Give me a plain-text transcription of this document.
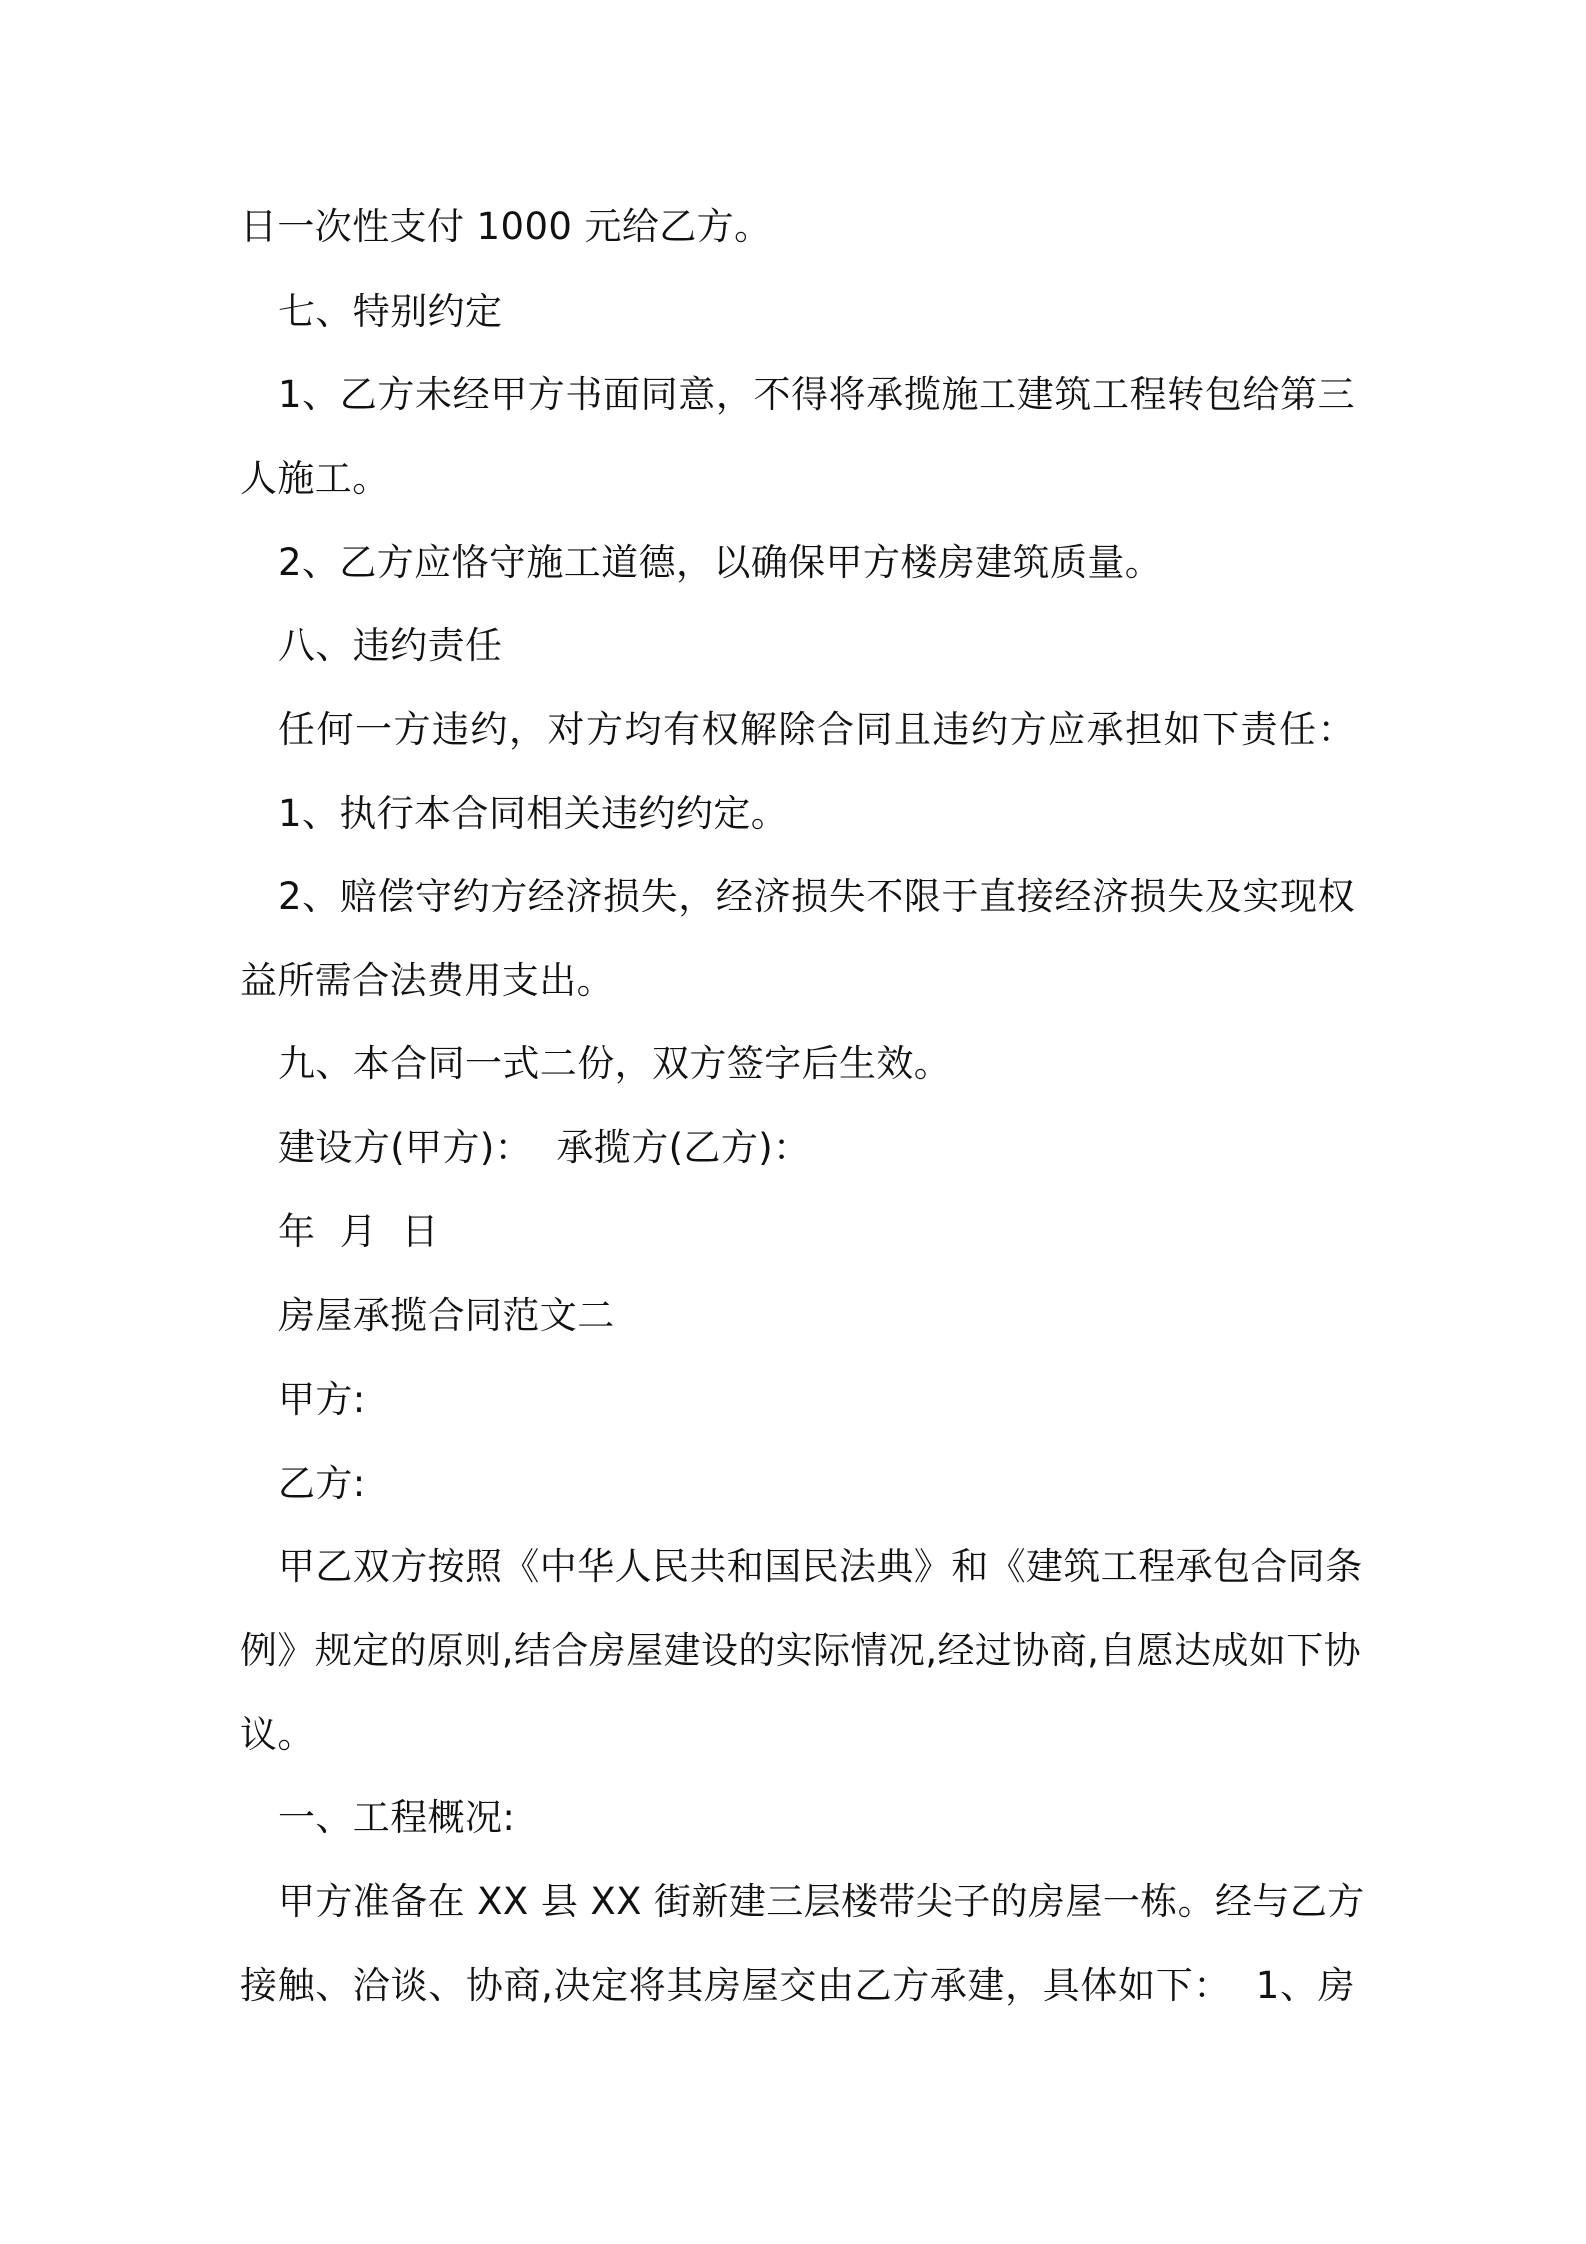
日一次性支付 1000 元给乙方。
七、特别约定
1、乙方未经甲方书面同意，不得将承揽施工建筑工程转包给第三
人施工。
2、乙方应恪守施工道德，以确保甲方楼房建筑质量。
八、违约责任
任何一方违约，对方均有权解除合同且违约方应承担如下责任：
1、执行本合同相关违约约定。
2、赔偿守约方经济损失，经济损失不限于直接经济损失及实现权
益所需合法费用支出。
九、本合同一式二份，双方签字后生效。
建设方(甲方)：  承揽方(乙方)：
年  月  日
房屋承揽合同范文二
甲方:
乙方:
甲乙双方按照《中华人民共和国民法典》和《建筑工程承包合同条
例》规定的原则,结合房屋建设的实际情况,经过协商,自愿达成如下协
议。
一、工程概况:
甲方准备在 XX 县 XX 街新建三层楼带尖子的房屋一栋。经与乙方
接触、洽谈、协商,决定将其房屋交由乙方承建，具体如下：  1、房
